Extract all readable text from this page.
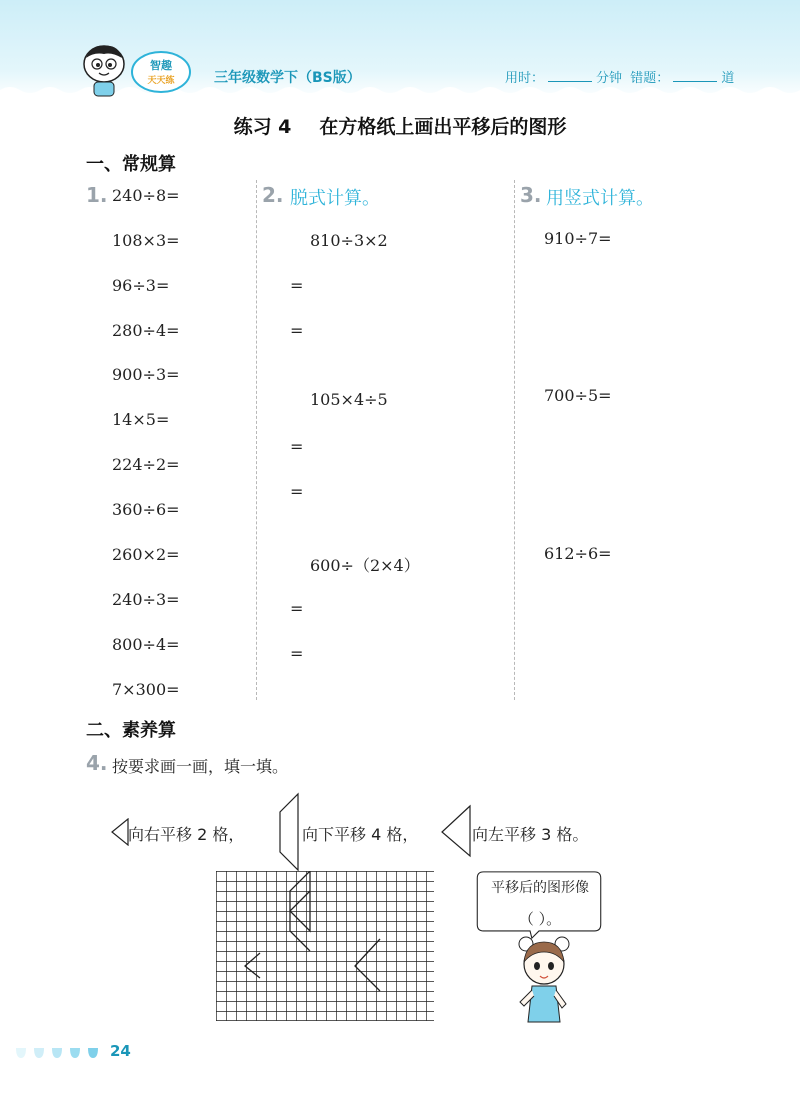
智趣
天天练	三年级数学下（BS版）	用时：	分钟 错题：	道
练习 4 在方格纸上画出平移后的图形
一、常规算
1. 240÷8=
108×3=
96÷3=
280÷4=
900÷3=
14×5=
224÷2=
360÷6=
260×2=
240÷3=
800÷4=
7×300=
2. 脱式计算。
810÷3×2
=
=
105×4÷5
=
=
600÷（2×4）
=
=
3. 用竖式计算。
910÷7=
700÷5=
612÷6=
二、素养算
4. 按要求画一画，填一填。
向右平移 2 格，	向下平移 4 格，	向左平移 3 格。
平移后的图形像
（ ）。
24
